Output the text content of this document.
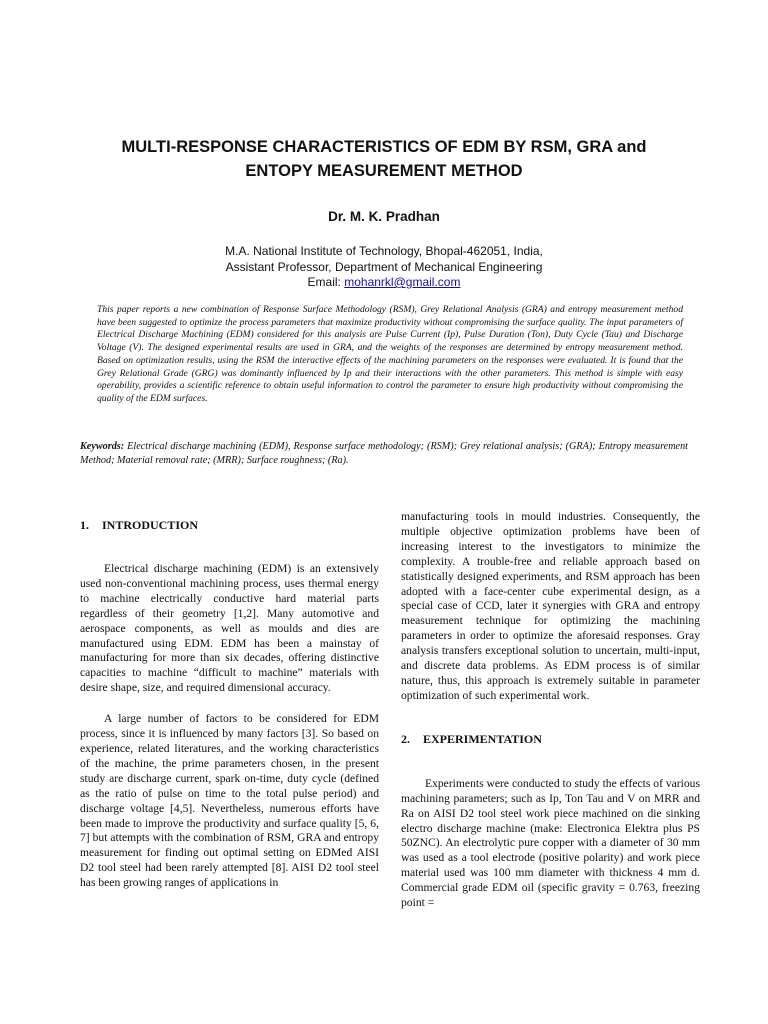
MULTI-RESPONSE CHARACTERISTICS OF EDM BY RSM, GRA and
ENTOPY MEASUREMENT METHOD
Dr. M. K. Pradhan
M.A. National Institute of Technology, Bhopal-462051, India,
Assistant Professor, Department of Mechanical Engineering
Email: mohanrkl@gmail.com
This paper reports a new combination of Response Surface Methodology (RSM), Grey Relational Analysis (GRA) and entropy measurement method have been suggested to optimize the process parameters that maximize productivity without compromising the surface quality. The input parameters of Electrical Discharge Machining (EDM) considered for this analysis are Pulse Current (Ip), Pulse Duration (Ton), Duty Cycle (Tau) and Discharge Voltage (V). The designed experimental results are used in GRA, and the weights of the responses are determined by entropy measurement method. Based on optimization results, using the RSM the interactive effects of the machining parameters on the responses were evaluated. It is found that the Grey Relational Grade (GRG) was dominantly influenced by Ip and their interactions with the other parameters. This method is simple with easy operability, provides a scientific reference to obtain useful information to control the parameter to ensure high productivity without compromising the quality of the EDM surfaces.
Keywords: Electrical discharge machining (EDM), Response surface methodology; (RSM); Grey relational analysis; (GRA); Entropy measurement Method; Material removal rate; (MRR); Surface roughness; (Ra).
1. INTRODUCTION

Electrical discharge machining (EDM) is an extensively used non-conventional machining process, uses thermal energy to machine electrically conductive hard material parts regardless of their geometry [1,2]. Many automotive and aerospace components, as well as moulds and dies are manufactured using EDM. EDM has been a mainstay of manufacturing for more than six decades, offering distinctive capacities to machine “difficult to machine” materials with desire shape, size, and required dimensional accuracy.

A large number of factors to be considered for EDM process, since it is influenced by many factors [3]. So based on experience, related literatures, and the working characteristics of the machine, the prime parameters chosen, in the present study are discharge current, spark on-time, duty cycle (defined as the ratio of pulse on time to the total pulse period) and discharge voltage [4,5]. Nevertheless, numerous efforts have been made to improve the productivity and surface quality [5, 6, 7] but attempts with the combination of RSM, GRA and entropy measurement for finding out optimal setting on EDMed AISI D2 tool steel had been rarely attempted [8]. AISI D2 tool steel has been growing ranges of applications in

manufacturing tools in mould industries. Consequently, the multiple objective optimization problems have been of increasing interest to the investigators to minimize the complexity. A trouble-free and reliable approach based on statistically designed experiments, and RSM approach has been adopted with a face-center cube experimental design, as a special case of CCD, later it synergies with GRA and entropy measurement technique for optimizing the machining parameters in order to optimize the aforesaid responses. Gray analysis transfers exceptional solution to uncertain, multi-input, and discrete data problems. As EDM process is of similar nature, thus, this approach is extremely suitable in parameter optimization of such experimental work.

2. EXPERIMENTATION

Experiments were conducted to study the effects of various machining parameters; such as Ip, Ton Tau and V on MRR and Ra on AISI D2 tool steel work piece machined on die sinking electro discharge machine (make: Electronica Elektra plus PS 50ZNC). An electrolytic pure copper with a diameter of 30 mm was used as a tool electrode (positive polarity) and work piece material used was 100 mm diameter with thickness 4 mm d. Commercial grade EDM oil (specific gravity = 0.763, freezing point =
